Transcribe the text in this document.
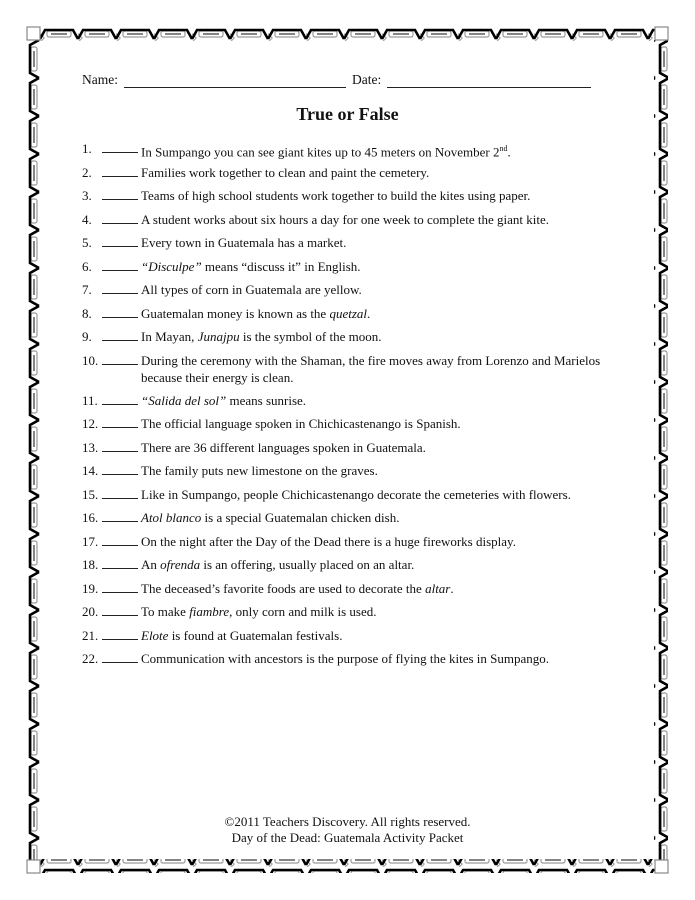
Name:	Date:
True or False
1.	In Sumpango you can see giant kites up to 45 meters on November 2nd.
2.	Families work together to clean and paint the cemetery.
3.	Teams of high school students work together to build the kites using paper.
4.	A student works about six hours a day for one week to complete the giant kite.
5.	Every town in Guatemala has a market.
6.	“Disculpe” means “discuss it” in English.
7.	All types of corn in Guatemala are yellow.
8.	Guatemalan money is known as the quetzal.
9.	In Mayan, Junajpu is the symbol of the moon.
10.	During the ceremony with the Shaman, the fire moves away from Lorenzo and Marielos because their energy is clean.
11.	“Salida del sol” means sunrise.
12.	The official language spoken in Chichicastenango is Spanish.
13.	There are 36 different languages spoken in Guatemala.
14.	The family puts new limestone on the graves.
15.	Like in Sumpango, people Chichicastenango decorate the cemeteries with flowers.
16.	Atol blanco is a special Guatemalan chicken dish.
17.	On the night after the Day of the Dead there is a huge fireworks display.
18.	An ofrenda is an offering, usually placed on an altar.
19.	The deceased’s favorite foods are used to decorate the altar.
20.	To make fiambre, only corn and milk is used.
21.	Elote is found at Guatemalan festivals.
22.	Communication with ancestors is the purpose of flying the kites in Sumpango.
©2011 Teachers Discovery. All rights reserved.
Day of the Dead: Guatemala Activity Packet
